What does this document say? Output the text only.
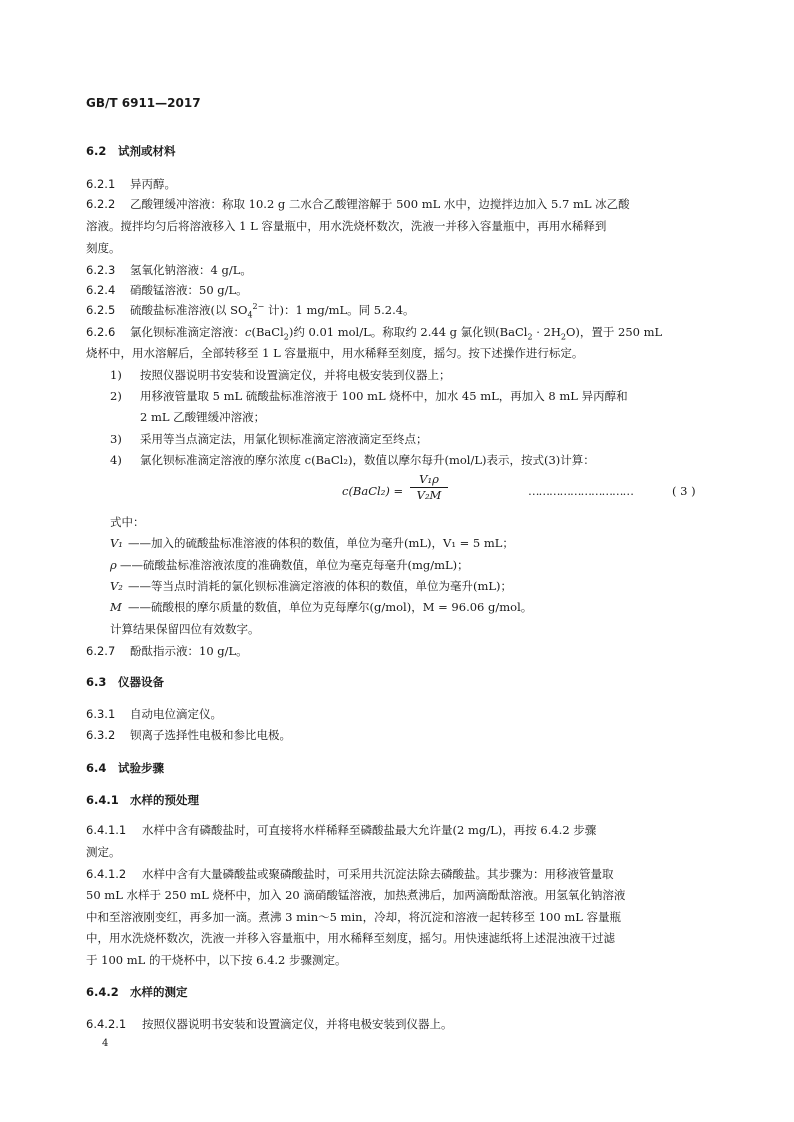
GB/T 6911—2017
6.2 试剂或材料
6.2.1 异丙醇。
6.2.2 乙酸锂缓冲溶液：称取 10.2 g 二水合乙酸锂溶解于 500 mL 水中，边搅拌边加入 5.7 mL 冰乙酸
溶液。搅拌均匀后将溶液移入 1 L 容量瓶中，用水洗烧杯数次，洗液一并移入容量瓶中，再用水稀释到
刻度。
6.2.3 氢氧化钠溶液：4 g/L。
6.2.4 硝酸锰溶液：50 g/L。
6.2.5 硫酸盐标准溶液(以 $SO_4^{2-}$ 计)：1 mg/mL。同 5.2.4。
6.2.6 氯化钡标准滴定溶液：c(BaCl$_2$)约 0.01 mol/L。称取约 2.44 g 氯化钡(BaCl$_2$ · $2H_2O$)，置于 250 mL
烧杯中，用水溶解后，全部转移至 1 L 容量瓶中，用水稀释至刻度，摇匀。按下述操作进行标定。
1) 按照仪器说明书安装和设置滴定仪，并将电极安装到仪器上；
2) 用移液管量取 5 mL 硫酸盐标准溶液于 100 mL 烧杯中，加水 45 mL，再加入 8 mL 异丙醇和
2 mL 乙酸锂缓冲溶液；
3) 采用等当点滴定法，用氯化钡标准滴定溶液滴定至终点；
4) 氯化钡标准滴定溶液的摩尔浓度 c(BaCl₂)，数值以摩尔每升(mol/L)表示，按式(3)计算：
c(BaCl₂) = $\frac{\text{V₁ρ}}{\text{V₂M}}$	…………………………	( 3 )
式中：
V₁ ——加入的硫酸盐标准溶液的体积的数值，单位为毫升(mL)，V₁ = 5 mL；
ρ ——硫酸盐标准溶液浓度的准确数值，单位为毫克每毫升(mg/mL)；
V₂ ——等当点时消耗的氯化钡标准滴定溶液的体积的数值，单位为毫升(mL)；
M ——硫酸根的摩尔质量的数值，单位为克每摩尔(g/mol)，M = 96.06 g/mol。
计算结果保留四位有效数字。
6.2.7 酚酞指示液：10 g/L。
6.3 仪器设备
6.3.1 自动电位滴定仪。
6.3.2 钡离子选择性电极和参比电极。
6.4 试验步骤
6.4.1 水样的预处理
6.4.1.1 水样中含有磷酸盐时，可直接将水样稀释至磷酸盐最大允许量(2 mg/L)，再按 6.4.2 步骤
测定。
6.4.1.2 水样中含有大量磷酸盐或聚磷酸盐时，可采用共沉淀法除去磷酸盐。其步骤为：用移液管量取
50 mL 水样于 250 mL 烧杯中，加入 20 滴硝酸锰溶液，加热煮沸后，加两滴酚酞溶液。用氢氧化钠溶液
中和至溶液刚变红，再多加一滴。煮沸 3 min～5 min，冷却，将沉淀和溶液一起转移至 100 mL 容量瓶
中，用水洗烧杯数次，洗液一并移入容量瓶中，用水稀释至刻度，摇匀。用快速滤纸将上述混浊液干过滤
于 100 mL 的干烧杯中，以下按 6.4.2 步骤测定。
6.4.2 水样的测定
6.4.2.1 按照仪器说明书安装和设置滴定仪，并将电极安装到仪器上。
4
